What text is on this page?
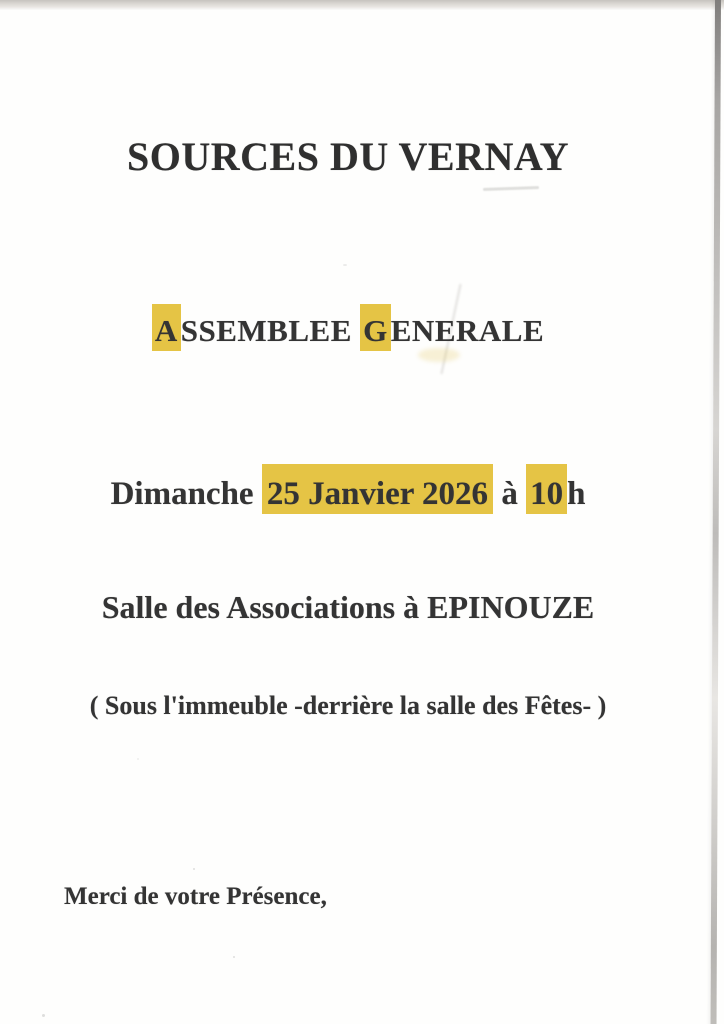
SOURCES DU VERNAY
ASSEMBLEE GENERALE

Dimanche 25 Janvier 2026 à 10 h

Salle des Associations à EPINOUZE

( Sous l'immeuble -derrière la salle des Fêtes- )

Merci de votre Présence,
